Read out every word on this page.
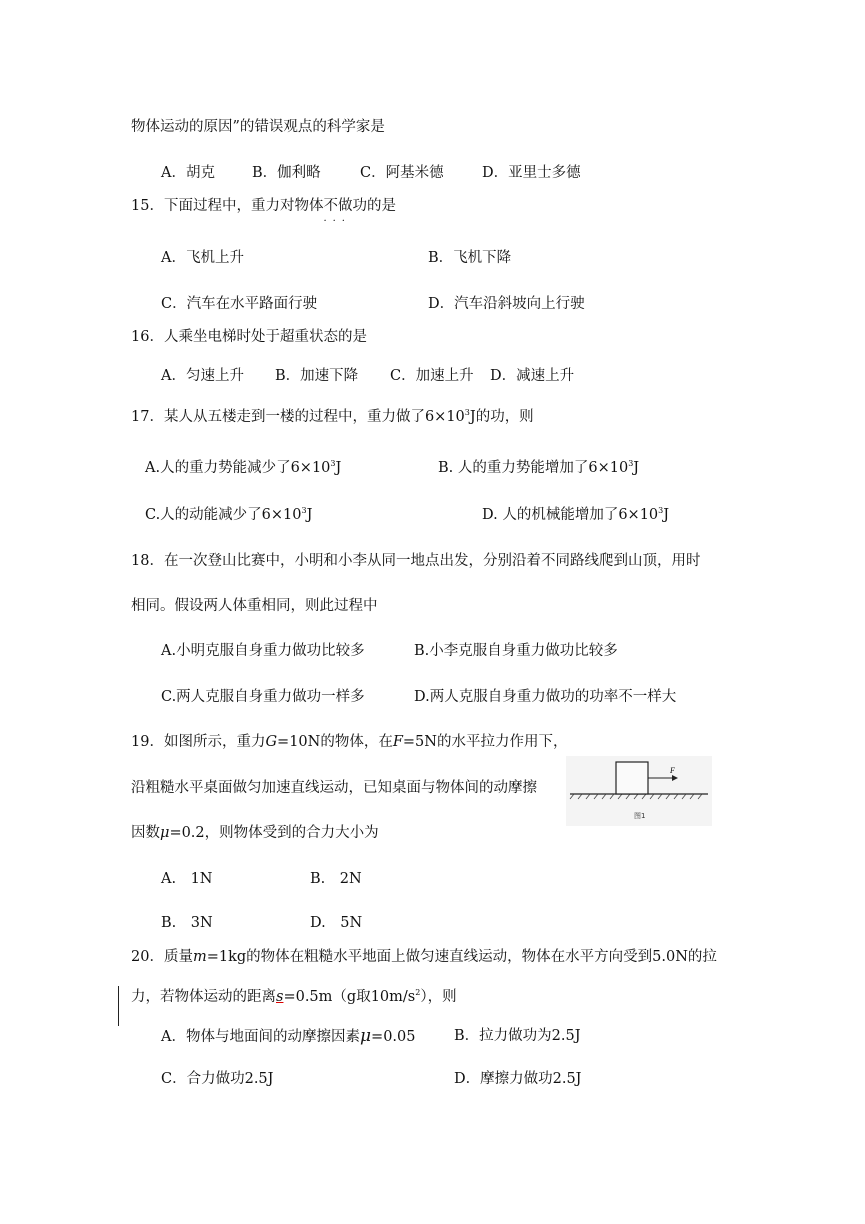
物体运动的原因”的错误观点的科学家是
A．胡克	B．伽利略	C．阿基米德	D．亚里士多德
15．下面过程中，重力对物体不做功
···
的是
A．飞机上升	B．飞机下降
C．汽车在水平路面行驶	D．汽车沿斜坡向上行驶
16．人乘坐电梯时处于超重状态的是
A．匀速上升 B．加速下降 C．加速上升 D．减速上升
17．某人从五楼走到一楼的过程中，重力做了$6\times 10^3J$的功，则
A.人的重力势能减少了$6\times 10^3J$	B. 人的重力势能增加了$6\times 10^3J$
C.人的动能减少了$6\times 10^3J$	D. 人的机械能增加了$6\times 10^3J$
18．在一次登山比赛中，小明和小李从同一地点出发，分别沿着不同路线爬到山顶，用时
相同。假设两人体重相同，则此过程中
A.小明克服自身重力做功比较多	B.小李克服自身重力做功比较多
C.两人克服自身重力做功一样多	D.两人克服自身重力做功的功率不一样大
19．如图所示，重力G=10N的物体，在F=5N的水平拉力作用下，
沿粗糙水平桌面做匀加速直线运动，已知桌面与物体间的动摩擦
因数μ=0.2，则物体受到的合力大小为
F
图1
A.　1N	B.　2N
B.　3N	D.　5N
20．质量m=1kg的物体在粗糙水平地面上做匀速直线运动，物体在水平方向受到5.0N的拉
力，若物体运动的距离s=0.5m（g取$10m/s^2$），则
A．物体与地面间的动摩擦因素μ=0.05	B．拉力做功为2.5J
C．合力做功2.5J	D．摩擦力做功2.5J
